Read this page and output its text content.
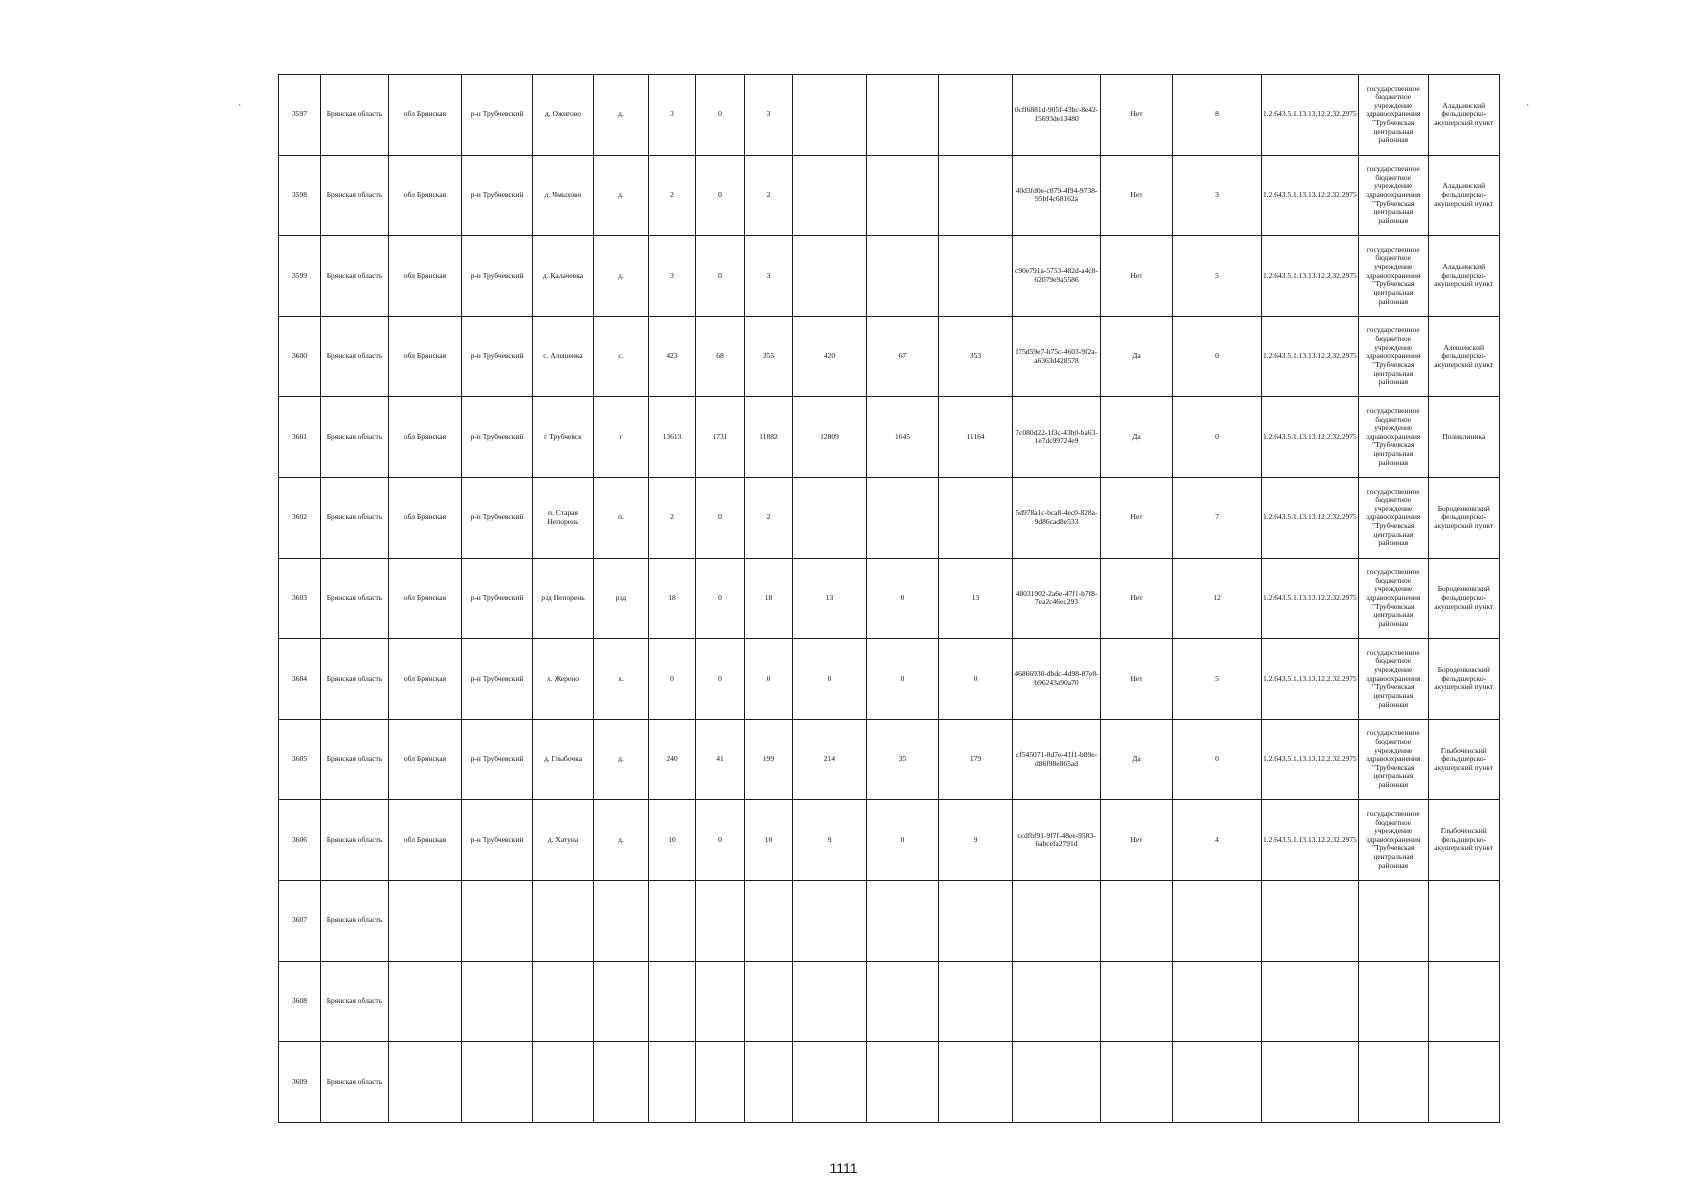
`	`
3597	Брянская область	обл Брянская	р-н Трубчевский	д. Ожигово	д.	3	0	3				0cff6881d-905f-43bc-8e42-15693de13480	Нет	8	1.2.643.5.1.13.13.12.2.32.2975	государственное бюджетное учреждение здравоохранения "Трубчевская центральная районная	Аладьинский фельдшерско-акушерский пункт
3598	Брянская область	обл Брянская	р-н Трубчевский	д. Чмыхово	д.	2	0	2				40d3fd0e-c879-4f94-9738-95bf4c68162a	Нет	3	1.2.643.5.1.13.13.12.2.32.2975	государственное бюджетное учреждение здравоохранения "Трубчевская центральная районная	Аладьинский фельдшерско-акушерский пункт
3599	Брянская область	обл Брянская	р-н Трубчевский	д. Калачевка	д.	3	0	3				c90e791a-5753-482d-a4c8-62079e9a5586	Нет	5	1.2.643.5.1.13.13.12.2.32.2975	государственное бюджетное учреждение здравоохранения "Трубчевская центральная районная	Аладьинский фельдшерско-акушерский пункт
3600	Брянская область	обл Брянская	р-н Трубчевский	с. Алешенка	с.	423	68	355	420	67	353	f75d59e7-b75c-4603-9f2a-a6363d428578	Да	0	1.2.643.5.1.13.13.12.2.32.2975	государственное бюджетное учреждение здравоохранения "Трубчевская центральная районная	Алешенский фельдшерско-акушерский пункт
3601	Брянская область	обл Брянская	р-н Трубчевский	г Трубчевск	г	13613	1731	11882	12809	1645	11164	7c080d22-1f3c-43b0-ba63-1e7dc99724e9	Да	0	1.2.643.5.1.13.13.12.2.32.2975	государственное бюджетное учреждение здравоохранения "Трубчевская центральная районная	Поликлиника
3602	Брянская область	обл Брянская	р-н Трубчевский	п. Старая Непорень	п.	2	0	2				5d978a1c-bca8-4ec0-828a-9d86cad8e533	Нет	7	1.2.643.5.1.13.13.12.2.32.2975	государственное бюджетное учреждение здравоохранения "Трубчевская центральная районная	Бороденковский фельдшерско-акушерский пункт
3603	Брянская область	обл Брянская	р-н Трубчевский	рзд Непорень	рзд	18	0	18	13	0	13	48031902-2a6e-47f1-b7f8-7ea2c46ec293	Нет	12	1.2.643.5.1.13.13.12.2.32.2975	государственное бюджетное учреждение здравоохранения "Трубчевская центральная районная	Бороденковский фельдшерско-акушерский пункт
3604	Брянская область	обл Брянская	р-н Трубчевский	х. Жерено	х.	0	0	0	0	0	0	46866930-dbdc-4d98-87e8-b96243a90a70	Нет	5	1.2.643.5.1.13.13.12.2.32.2975	государственное бюджетное учреждение здравоохранения "Трубчевская центральная районная	Бороденковский фельдшерско-акушерский пункт
3605	Брянская область	обл Брянская	р-н Трубчевский	д. Глыбочка	д.	240	41	199	214	35	179	cf545071-8d7e-41f1-b89e-d86f98e865ad	Да	0	1.2.643.5.1.13.13.12.2.32.2975	государственное бюджетное учреждение здравоохранения "Трубчевская центральная районная	Глыбоченский фельдшерско-акушерский пункт
3606	Брянская область	обл Брянская	р-н Трубчевский	д. Хатуна	д.	10	0	10	9	0	9	ccdfbf91-9f7f-48ee-9583-6abcefa2791d	Нет	4	1.2.643.5.1.13.13.12.2.32.2975	государственное бюджетное учреждение здравоохранения "Трубчевская центральная районная	Глыбоченский фельдшерско-акушерский пункт
3607	Брянская область																
3608	Брянская область																
3609	Брянская область																
1111
